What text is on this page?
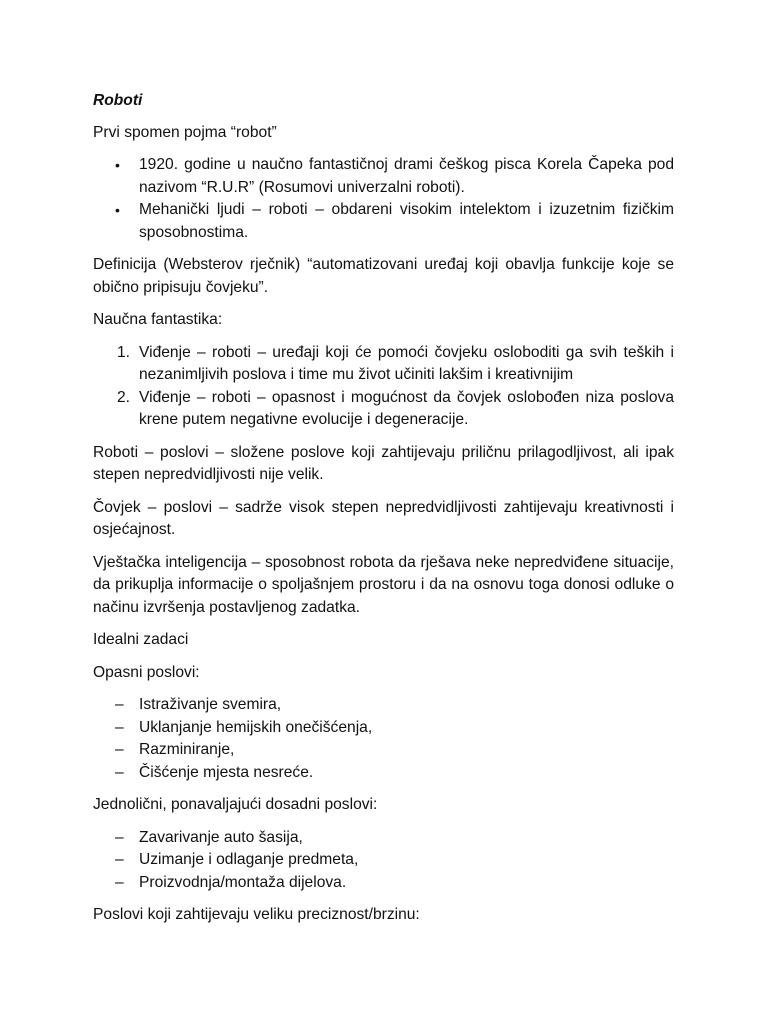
Roboti

Prvi spomen pojma “robot”

•	1920. godine u naučno fantastičnoj drami češkog pisca Korela Čapeka pod nazivom “R.U.R” (Rosumovi univerzalni roboti).
•	Mehanički ljudi – roboti – obdareni visokim intelektom i izuzetnim fizičkim sposobnostima.

Definicija (Websterov rječnik) “automatizovani uređaj koji obavlja funkcije koje se obično pripisuju čovjeku”.

Naučna fantastika:

1. Viđenje – roboti – uređaji koji će pomoći čovjeku osloboditi ga svih teških i nezanimljivih poslova i time mu život učiniti lakšim i kreativnijim
2. Viđenje – roboti – opasnost i mogućnost da čovjek oslobođen niza poslova krene putem negativne evolucije i degeneracije.

Roboti – poslovi – složene poslove koji zahtijevaju priličnu prilagodljivost, ali ipak stepen nepredvidljivosti nije velik.

Čovjek – poslovi – sadrže visok stepen nepredvidljivosti zahtijevaju kreativnosti i osjećajnost.

Vještačka inteligencija – sposobnost robota da rješava neke nepredviđene situacije, da prikuplja informacije o spoljašnjem prostoru i da na osnovu toga donosi odluke o načinu izvršenja postavljenog zadatka.

Idealni zadaci

Opasni poslovi:

– Istraživanje svemira,
– Uklanjanje hemijskih onečišćenja,
– Razminiranje,
– Čišćenje mjesta nesreće.

Jednolični, ponavaljajući dosadni poslovi:

– Zavarivanje auto šasija,
– Uzimanje i odlaganje predmeta,
– Proizvodnja/montaža dijelova.

Poslovi koji zahtijevaju veliku preciznost/brzinu:
